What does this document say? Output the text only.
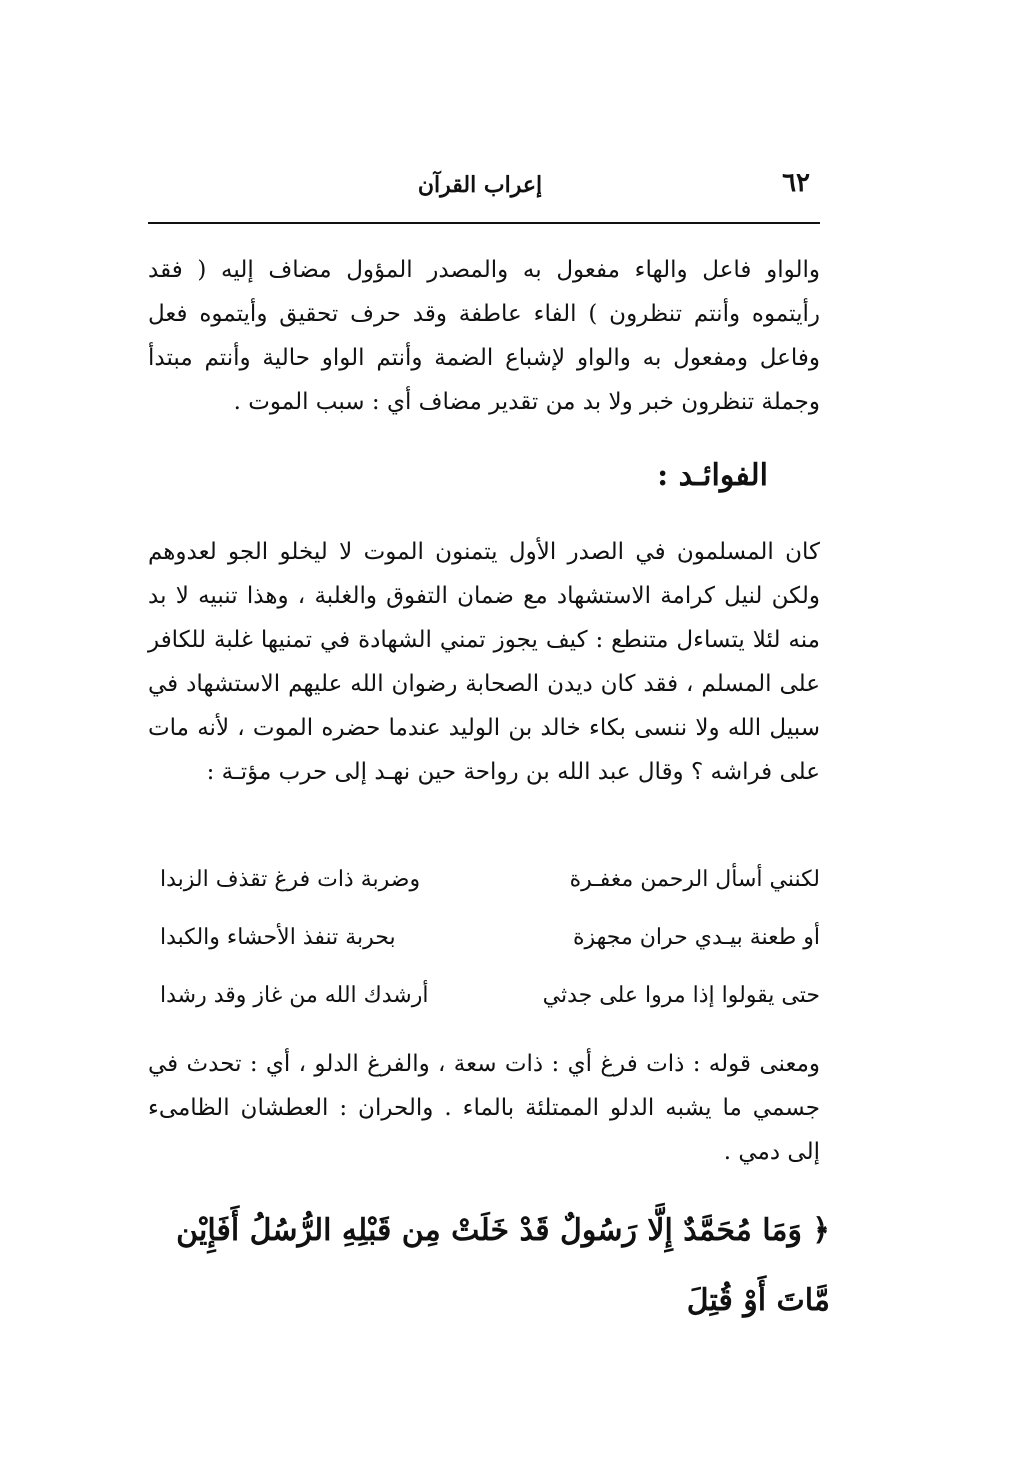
٦٢
إعراب القرآن

والواو فاعل والهاء مفعول به والمصدر المؤول مضاف إليه ( فقد رأيتموه وأنتم تنظرون ) الفاء عاطفة وقد حرف تحقيق وأيتموه فعل وفاعل ومفعول به والواو لإشباع الضمة وأنتم الواو حالية وأنتم مبتدأ وجملة تنظرون خبر ولا بد من تقدير مضاف أي : سبب الموت .

الفوائـد :

كان المسلمون في الصدر الأول يتمنون الموت لا ليخلو الجو لعدوهم ولكن لنيل كرامة الاستشهاد مع ضمان التفوق والغلبة ، وهذا تنبيه لا بد منه لئلا يتساءل متنطع : كيف يجوز تمني الشهادة في تمنيها غلبة للكافر على المسلم ، فقد كان ديدن الصحابة رضوان الله عليهم الاستشهاد في سبيل الله ولا ننسى بكاء خالد بن الوليد عندما حضره الموت ، لأنه مات على فراشه ؟ وقال عبد الله بن رواحة حين نهـد إلى حرب مؤتـة :

لكنني أسأل الرحمن مغفـرة
وضربة ذات فرغ تقذف الزبدا
أو طعنة بيـدي حران مجهزة
بحربة تنفذ الأحشاء والكبدا
حتى يقولوا إذا مروا على جدثي
أرشدك الله من غاز وقد رشدا

ومعنى قوله : ذات فرغ أي : ذات سعة ، والفرغ الدلو ، أي : تحدث في جسمي ما يشبه الدلو الممتلئة بالماء . والحران : العطشان الظامىء إلى دمي .

﴿ وَمَا مُحَمَّدٌ إِلَّا رَسُولٌ قَدْ خَلَتْ مِن قَبْلِهِ الرُّسُلُ أَفَإِيْن مَّاتَ أَوْ قُتِلَ
